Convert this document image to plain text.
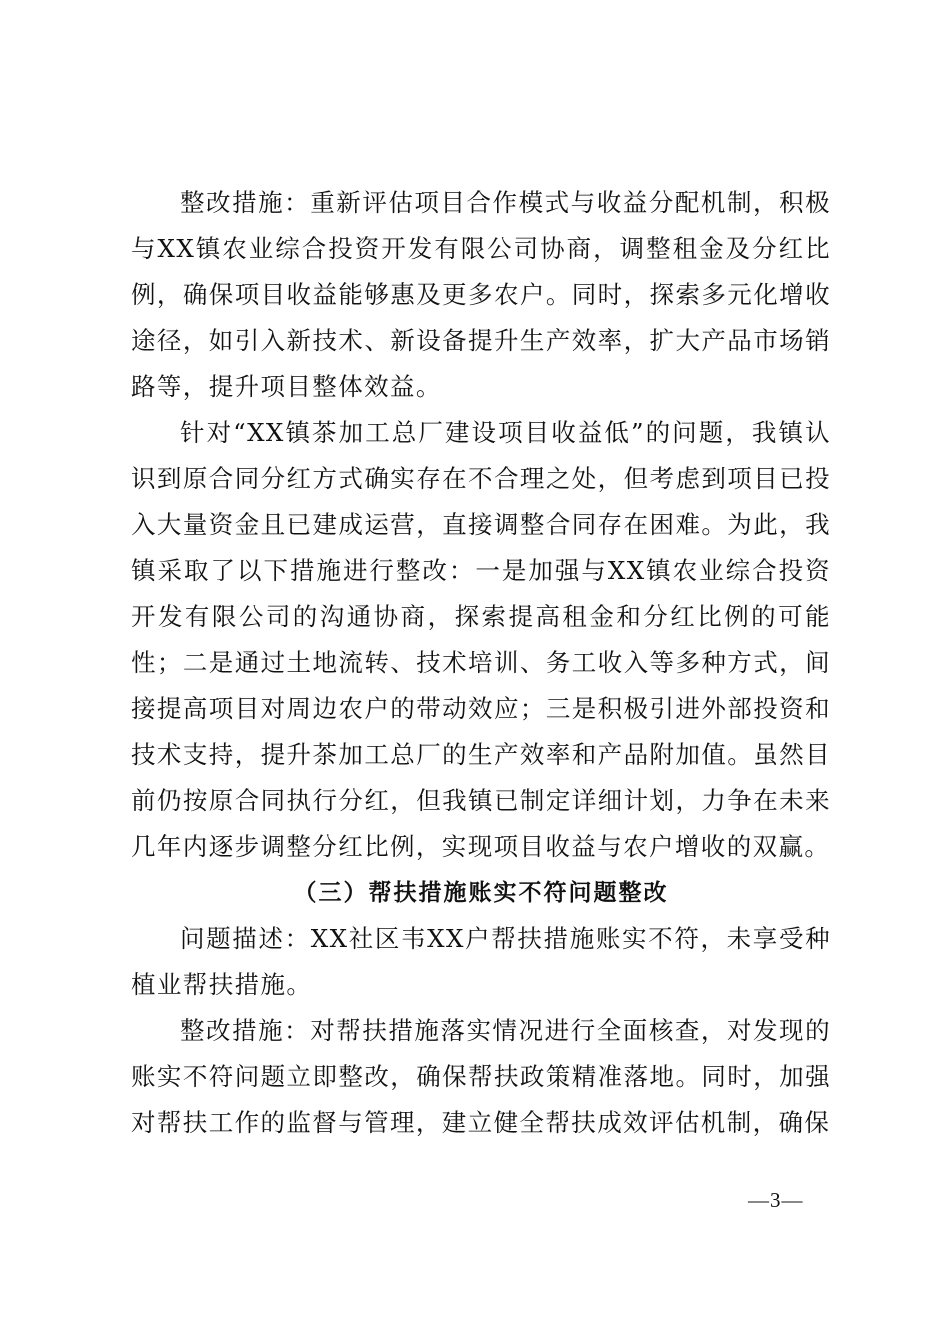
整改措施：重新评估项目合作模式与收益分配机制，积极与XX镇农业综合投资开发有限公司协商，调整租金及分红比例，确保项目收益能够惠及更多农户。同时，探索多元化增收途径，如引入新技术、新设备提升生产效率，扩大产品市场销路等，提升项目整体效益。

针对“XX镇茶加工总厂建设项目收益低”的问题，我镇认识到原合同分红方式确实存在不合理之处，但考虑到项目已投入大量资金且已建成运营，直接调整合同存在困难。为此，我镇采取了以下措施进行整改：一是加强与XX镇农业综合投资开发有限公司的沟通协商，探索提高租金和分红比例的可能性；二是通过土地流转、技术培训、务工收入等多种方式，间接提高项目对周边农户的带动效应；三是积极引进外部投资和技术支持，提升茶加工总厂的生产效率和产品附加值。虽然目前仍按原合同执行分红，但我镇已制定详细计划，力争在未来几年内逐步调整分红比例，实现项目收益与农户增收的双赢。

（三）帮扶措施账实不符问题整改

问题描述：XX社区韦XX户帮扶措施账实不符，未享受种植业帮扶措施。

整改措施：对帮扶措施落实情况进行全面核查，对发现的账实不符问题立即整改，确保帮扶政策精准落地。同时，加强对帮扶工作的监督与管理，建立健全帮扶成效评估机制，确保

—3—
